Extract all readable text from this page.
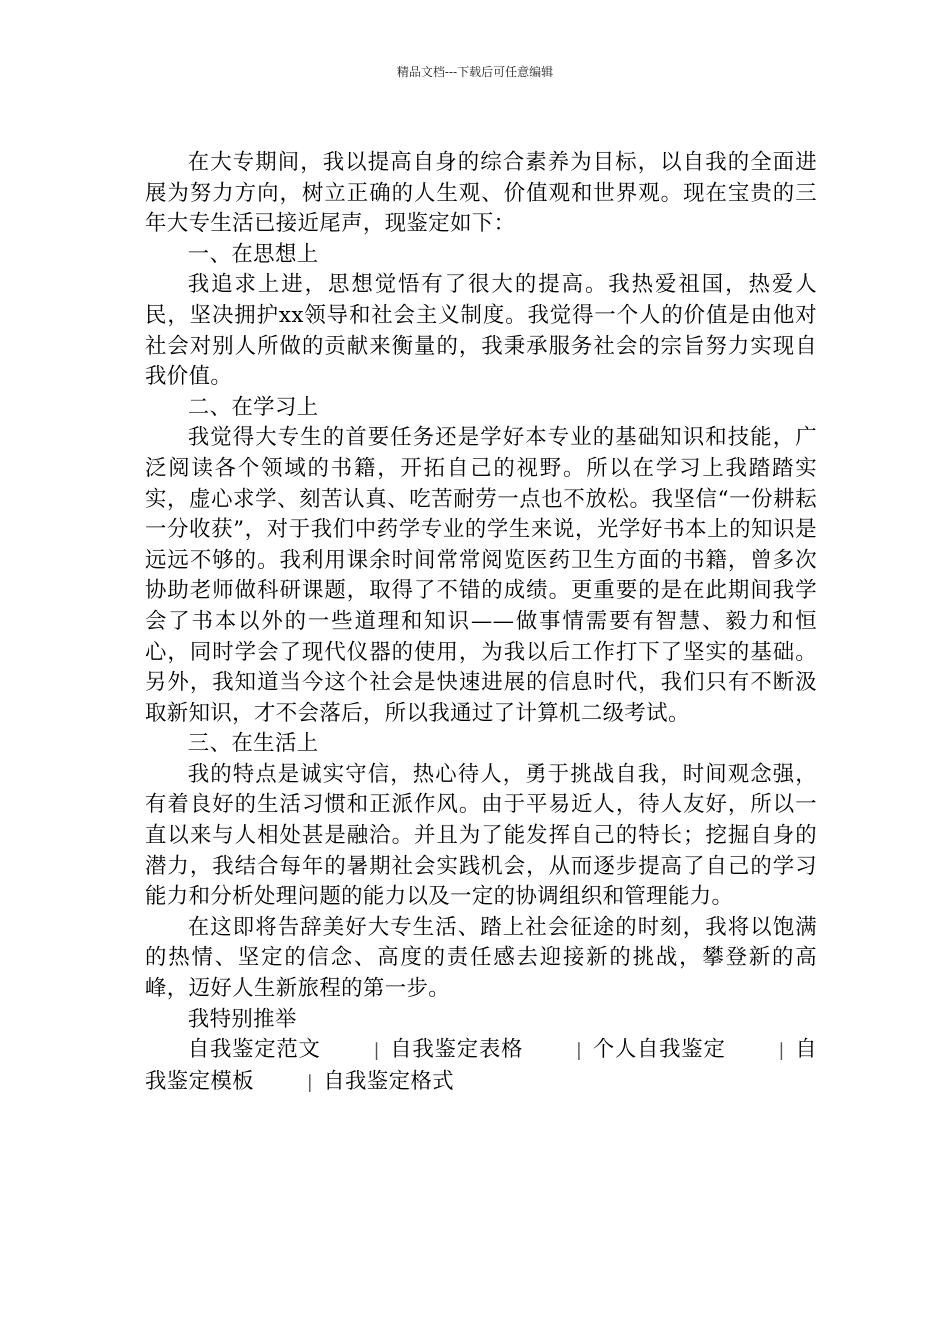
精品文档---下载后可任意编辑

在大专期间，我以提高自身的综合素养为目标，以自我的全面进展为努力方向，树立正确的人生观、价值观和世界观。现在宝贵的三年大专生活已接近尾声，现鉴定如下：

一、在思想上

我追求上进，思想觉悟有了很大的提高。我热爱祖国，热爱人民，坚决拥护xx领导和社会主义制度。我觉得一个人的价值是由他对社会对别人所做的贡献来衡量的，我秉承服务社会的宗旨努力实现自我价值。

二、在学习上

我觉得大专生的首要任务还是学好本专业的基础知识和技能，广泛阅读各个领域的书籍，开拓自己的视野。所以在学习上我踏踏实实，虚心求学、刻苦认真、吃苦耐劳一点也不放松。我坚信“一份耕耘一分收获”，对于我们中药学专业的学生来说，光学好书本上的知识是远远不够的。我利用课余时间常常阅览医药卫生方面的书籍，曾多次协助老师做科研课题，取得了不错的成绩。更重要的是在此期间我学会了书本以外的一些道理和知识——做事情需要有智慧、毅力和恒心，同时学会了现代仪器的使用，为我以后工作打下了坚实的基础。另外，我知道当今这个社会是快速进展的信息时代，我们只有不断汲取新知识，才不会落后，所以我通过了计算机二级考试。

三、在生活上

我的特点是诚实守信，热心待人，勇于挑战自我，时间观念强，有着良好的生活习惯和正派作风。由于平易近人，待人友好，所以一直以来与人相处甚是融洽。并且为了能发挥自己的特长；挖掘自身的潜力，我结合每年的暑期社会实践机会，从而逐步提高了自己的学习能力和分析处理问题的能力以及一定的协调组织和管理能力。

在这即将告辞美好大专生活、踏上社会征途的时刻，我将以饱满的热情、坚定的信念、高度的责任感去迎接新的挑战，攀登新的高峰，迈好人生新旅程的第一步。

我特别推举

自我鉴定范文	| 自我鉴定表格	| 个人自我鉴定	| 自我鉴定模板	| 自我鉴定格式
